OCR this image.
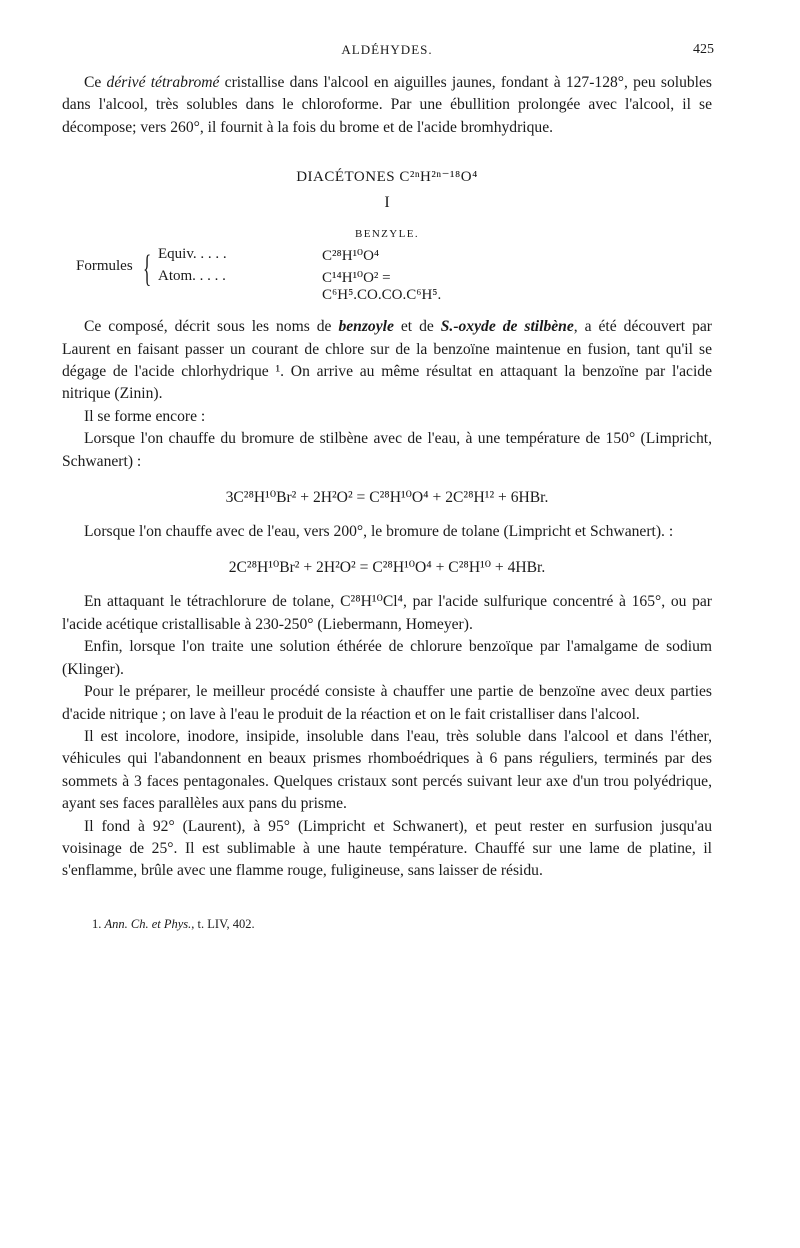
ALDÉHYDES.	425

Ce dérivé tétrabromé cristallise dans l'alcool en aiguilles jaunes, fondant à 127-128°, peu solubles dans l'alcool, très solubles dans le chloroforme. Par une ébullition prolongée avec l'alcool, il se décompose; vers 260°, il fournit à la fois du brome et de l'acide bromhydrique.

DIACÉTONES C²ⁿH²ⁿ⁻¹⁸O⁴
I
BENZYLE.
Formules { Equiv. . . . .	C²⁸H¹⁰O⁴
Atom. . . . .	C¹⁴H¹⁰O² = C⁶H⁵.CO.CO.C⁶H⁵.

Ce composé, décrit sous les noms de benzoyle et de S.-oxyde de stilbène, a été découvert par Laurent en faisant passer un courant de chlore sur de la benzoïne maintenue en fusion, tant qu'il se dégage de l'acide chlorhydrique ¹. On arrive au même résultat en attaquant la benzoïne par l'acide nitrique (Zinin).

Il se forme encore :

Lorsque l'on chauffe du bromure de stilbène avec de l'eau, à une température de 150° (Limpricht, Schwanert) :

3C²⁸H¹⁰Br² + 2H²O² = C²⁸H¹⁰O⁴ + 2C²⁸H¹² + 6HBr.

Lorsque l'on chauffe avec de l'eau, vers 200°, le bromure de tolane (Limpricht et Schwanert). :

2C²⁸H¹⁰Br² + 2H²O² = C²⁸H¹⁰O⁴ + C²⁸H¹⁰ + 4HBr.

En attaquant le tétrachlorure de tolane, C²⁸H¹⁰Cl⁴, par l'acide sulfurique concentré à 165°, ou par l'acide acétique cristallisable à 230-250° (Liebermann, Homeyer).

Enfin, lorsque l'on traite une solution éthérée de chlorure benzoïque par l'amalgame de sodium (Klinger).

Pour le préparer, le meilleur procédé consiste à chauffer une partie de benzoïne avec deux parties d'acide nitrique ; on lave à l'eau le produit de la réaction et on le fait cristalliser dans l'alcool.

Il est incolore, inodore, insipide, insoluble dans l'eau, très soluble dans l'alcool et dans l'éther, véhicules qui l'abandonnent en beaux prismes rhomboédriques à 6 pans réguliers, terminés par des sommets à 3 faces pentagonales. Quelques cristaux sont percés suivant leur axe d'un trou polyédrique, ayant ses faces parallèles aux pans du prisme.

Il fond à 92° (Laurent), à 95° (Limpricht et Schwanert), et peut rester en surfusion jusqu'au voisinage de 25°. Il est sublimable à une haute température. Chauffé sur une lame de platine, il s'enflamme, brûle avec une flamme rouge, fuligineuse, sans laisser de résidu.

1. Ann. Ch. et Phys., t. LIV, 402.
